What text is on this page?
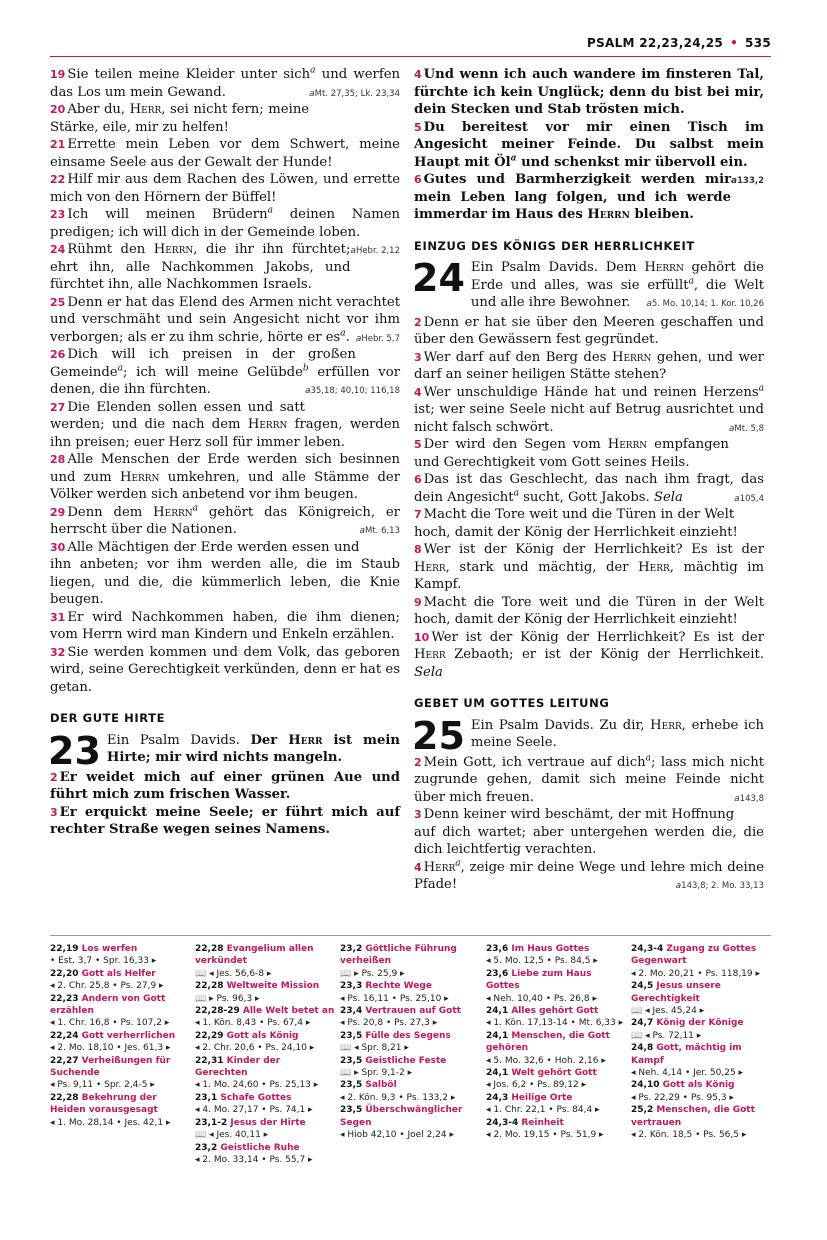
PSALM 22,23,24,25 • 535

19 Sie teilen meine Kleider unter sich$^a$ und werfen das Los um mein Gewand.	aMt. 27,35; Lk. 23,34

20 Aber du, Herr, sei nicht fern; meine Stärke, eile, mir zu helfen!

21 Errette mein Leben vor dem Schwert, meine einsame Seele aus der Gewalt der Hunde!

22 Hilf mir aus dem Rachen des Löwen, und errette mich von den Hörnern der Büffel!

23 Ich will meinen Brüdern$^a$ deinen Namen predigen; ich will dich in der Gemeinde loben.
aHebr. 2,12

24 Rühmt den Herrn, die ihr ihn fürchtet; ehrt ihn, alle Nachkommen Jakobs, und fürchtet ihn, alle Nachkommen Israels.

25 Denn er hat das Elend des Armen nicht verachtet und verschmäht und sein Angesicht nicht vor ihm verborgen; als er zu ihm schrie, hörte er es$^a$. aHebr. 5,7

26 Dich will ich preisen in der großen Gemeinde$^a$; ich will meine Gelübde$^b$ erfüllen vor denen, die ihn fürchten.	a35,18; 40,10; 116,18

27 Die Elenden sollen essen und satt werden; und die nach dem Herrn fragen, werden ihn preisen; euer Herz soll für immer leben.

28 Alle Menschen der Erde werden sich besinnen und zum Herrn umkehren, und alle Stämme der Völker werden sich anbetend vor ihm beugen.

29 Denn dem Herrn$^a$ gehört das Königreich, er herrscht über die Nationen.	aMt. 6,13

30 Alle Mächtigen der Erde werden essen und ihn anbeten; vor ihm werden alle, die im Staub liegen, und die, die kümmerlich leben, die Knie beugen.

31 Er wird Nachkommen haben, die ihm dienen; vom Herrn wird man Kindern und Enkeln erzählen.

32 Sie werden kommen und dem Volk, das geboren wird, seine Gerechtigkeit verkünden, denn er hat es getan.

DER GUTE HIRTE

23 Ein Psalm Davids. Der Herr ist mein Hirte; mir wird nichts mangeln.

2 Er weidet mich auf einer grünen Aue und führt mich zum frischen Wasser.

3 Er erquickt meine Seele; er führt mich auf rechter Straße wegen seines Namens.

4 Und wenn ich auch wandere im finsteren Tal, fürchte ich kein Unglück; denn du bist bei mir, dein Stecken und Stab trösten mich.

5 Du bereitest vor mir einen Tisch im Angesicht meiner Feinde. Du salbst mein Haupt mit Öl$^a$ und schenkst mir übervoll ein.
a133,2

6 Gutes und Barmherzigkeit werden mir mein Leben lang folgen, und ich werde immerdar im Haus des Herrn bleiben.

EINZUG DES KÖNIGS DER HERRLICHKEIT

24 Ein Psalm Davids. Dem Herrn gehört die Erde und alles, was sie erfüllt$^a$, die Welt und alle ihre Bewohner. a5. Mo. 10,14; 1. Kor. 10,26

2 Denn er hat sie über den Meeren geschaffen und über den Gewässern fest gegründet.

3 Wer darf auf den Berg des Herrn gehen, und wer darf an seiner heiligen Stätte stehen?

4 Wer unschuldige Hände hat und reinen Herzens$^a$ ist; wer seine Seele nicht auf Betrug ausrichtet und nicht falsch schwört.	aMt. 5,8

5 Der wird den Segen vom Herrn empfangen und Gerechtigkeit vom Gott seines Heils.

6 Das ist das Geschlecht, das nach ihm fragt, das dein Angesicht$^a$ sucht, Gott Jakobs. Sela	a105,4

7 Macht die Tore weit und die Türen in der Welt hoch, damit der König der Herrlichkeit einzieht!

8 Wer ist der König der Herrlichkeit? Es ist der Herr, stark und mächtig, der Herr, mächtig im Kampf.

9 Macht die Tore weit und die Türen in der Welt hoch, damit der König der Herrlichkeit einzieht!

10 Wer ist der König der Herrlichkeit? Es ist der Herr Zebaoth; er ist der König der Herrlichkeit. Sela

GEBET UM GOTTES LEITUNG

25 Ein Psalm Davids. Zu dir, Herr, erhebe ich meine Seele.

2 Mein Gott, ich vertraue auf dich$^a$; lass mich nicht zugrunde gehen, damit sich meine Feinde nicht über mich freuen.	a143,8

3 Denn keiner wird beschämt, der mit Hoffnung auf dich wartet; aber untergehen werden die, die dich leichtfertig verachten.

4 Herr$^a$, zeige mir deine Wege und lehre mich deine Pfade!	a143,8; 2. Mo. 33,13

22,19 Los werfen
• Est. 3,7 • Spr. 16,33 ▸
22,20 Gott als Helfer
◂ 2. Chr. 25,8 • Ps. 27,9 ▸
22,23 Andern von Gott erzählen
◂ 1. Chr. 16,8 • Ps. 107,2 ▸
22,24 Gott verherrlichen
◂ 2. Mo. 18,10 • Jes. 61,3 ▸
22,27 Verheißungen für Suchende
◂ Ps. 9,11 • Spr. 2,4-5 ▸
22,28 Bekehrung der Heiden vorausgesagt
◂ 1. Mo. 28,14 • Jes. 42,1 ▸
22,28 Evangelium allen verkündet
📖 ◂ Jes. 56,6-8 ▸
22,28 Weltweite Mission
📖 ▸ Ps. 96,3 ▸
22,28-29 Alle Welt betet an
◂ 1. Kön. 8,43 • Ps. 67,4 ▸
22,29 Gott als König
◂ 2. Chr. 20,6 • Ps. 24,10 ▸
22,31 Kinder der Gerechten
◂ 1. Mo. 24,60 • Ps. 25,13 ▸
23,1 Schafe Gottes
◂ 4. Mo. 27,17 • Ps. 74,1 ▸
23,1-2 Jesus der Hirte
📖 ◂ Jes. 40,11 ▸
23,2 Geistliche Ruhe
◂ 2. Mo. 33,14 • Ps. 55,7 ▸
23,2 Göttliche Führung verheißen
📖 ▸ Ps. 25,9 ▸
23,3 Rechte Wege
◂ Ps. 16,11 • Ps. 25,10 ▸
23,4 Vertrauen auf Gott
◂ Ps. 20,8 • Ps. 27,3 ▸
23,5 Fülle des Segens
📖 ◂ Spr. 8,21 ▸
23,5 Geistliche Feste
📖 ▸ Spr. 9,1-2 ▸
23,5 Salböl
◂ 2. Kön. 9,3 • Ps. 133,2 ▸
23,5 Überschwänglicher Segen
◂ Hiob 42,10 • Joel 2,24 ▸
23,6 Im Haus Gottes
◂ 5. Mo. 12,5 • Ps. 84,5 ▸
23,6 Liebe zum Haus Gottes
◂ Neh. 10,40 • Ps. 26,8 ▸
24,1 Alles gehört Gott
◂ 1. Kön. 17,13-14 • Mt. 6,33 ▸
24,1 Menschen, die Gott gehören
◂ 5. Mo. 32,6 • Hoh. 2,16 ▸
24,1 Welt gehört Gott
◂ Jos. 6,2 • Ps. 89,12 ▸
24,3 Heilige Orte
◂ 1. Chr. 22,1 • Ps. 84,4 ▸
24,3-4 Reinheit
◂ 2. Mo. 19,15 • Ps. 51,9 ▸
24,3-4 Zugang zu Gottes Gegenwart
◂ 2. Mo. 20,21 • Ps. 118,19 ▸
24,5 Jesus unsere Gerechtigkeit
📖 ◂ Jes. 45,24 ▸
24,7 König der Könige
📖 ◂ Ps. 72,11 ▸
24,8 Gott, mächtig im Kampf
◂ Neh. 4,14 • Jer. 50,25 ▸
24,10 Gott als König
◂ Ps. 22,29 • Ps. 95,3 ▸
25,2 Menschen, die Gott vertrauen
◂ 2. Kön. 18,5 • Ps. 56,5 ▸
